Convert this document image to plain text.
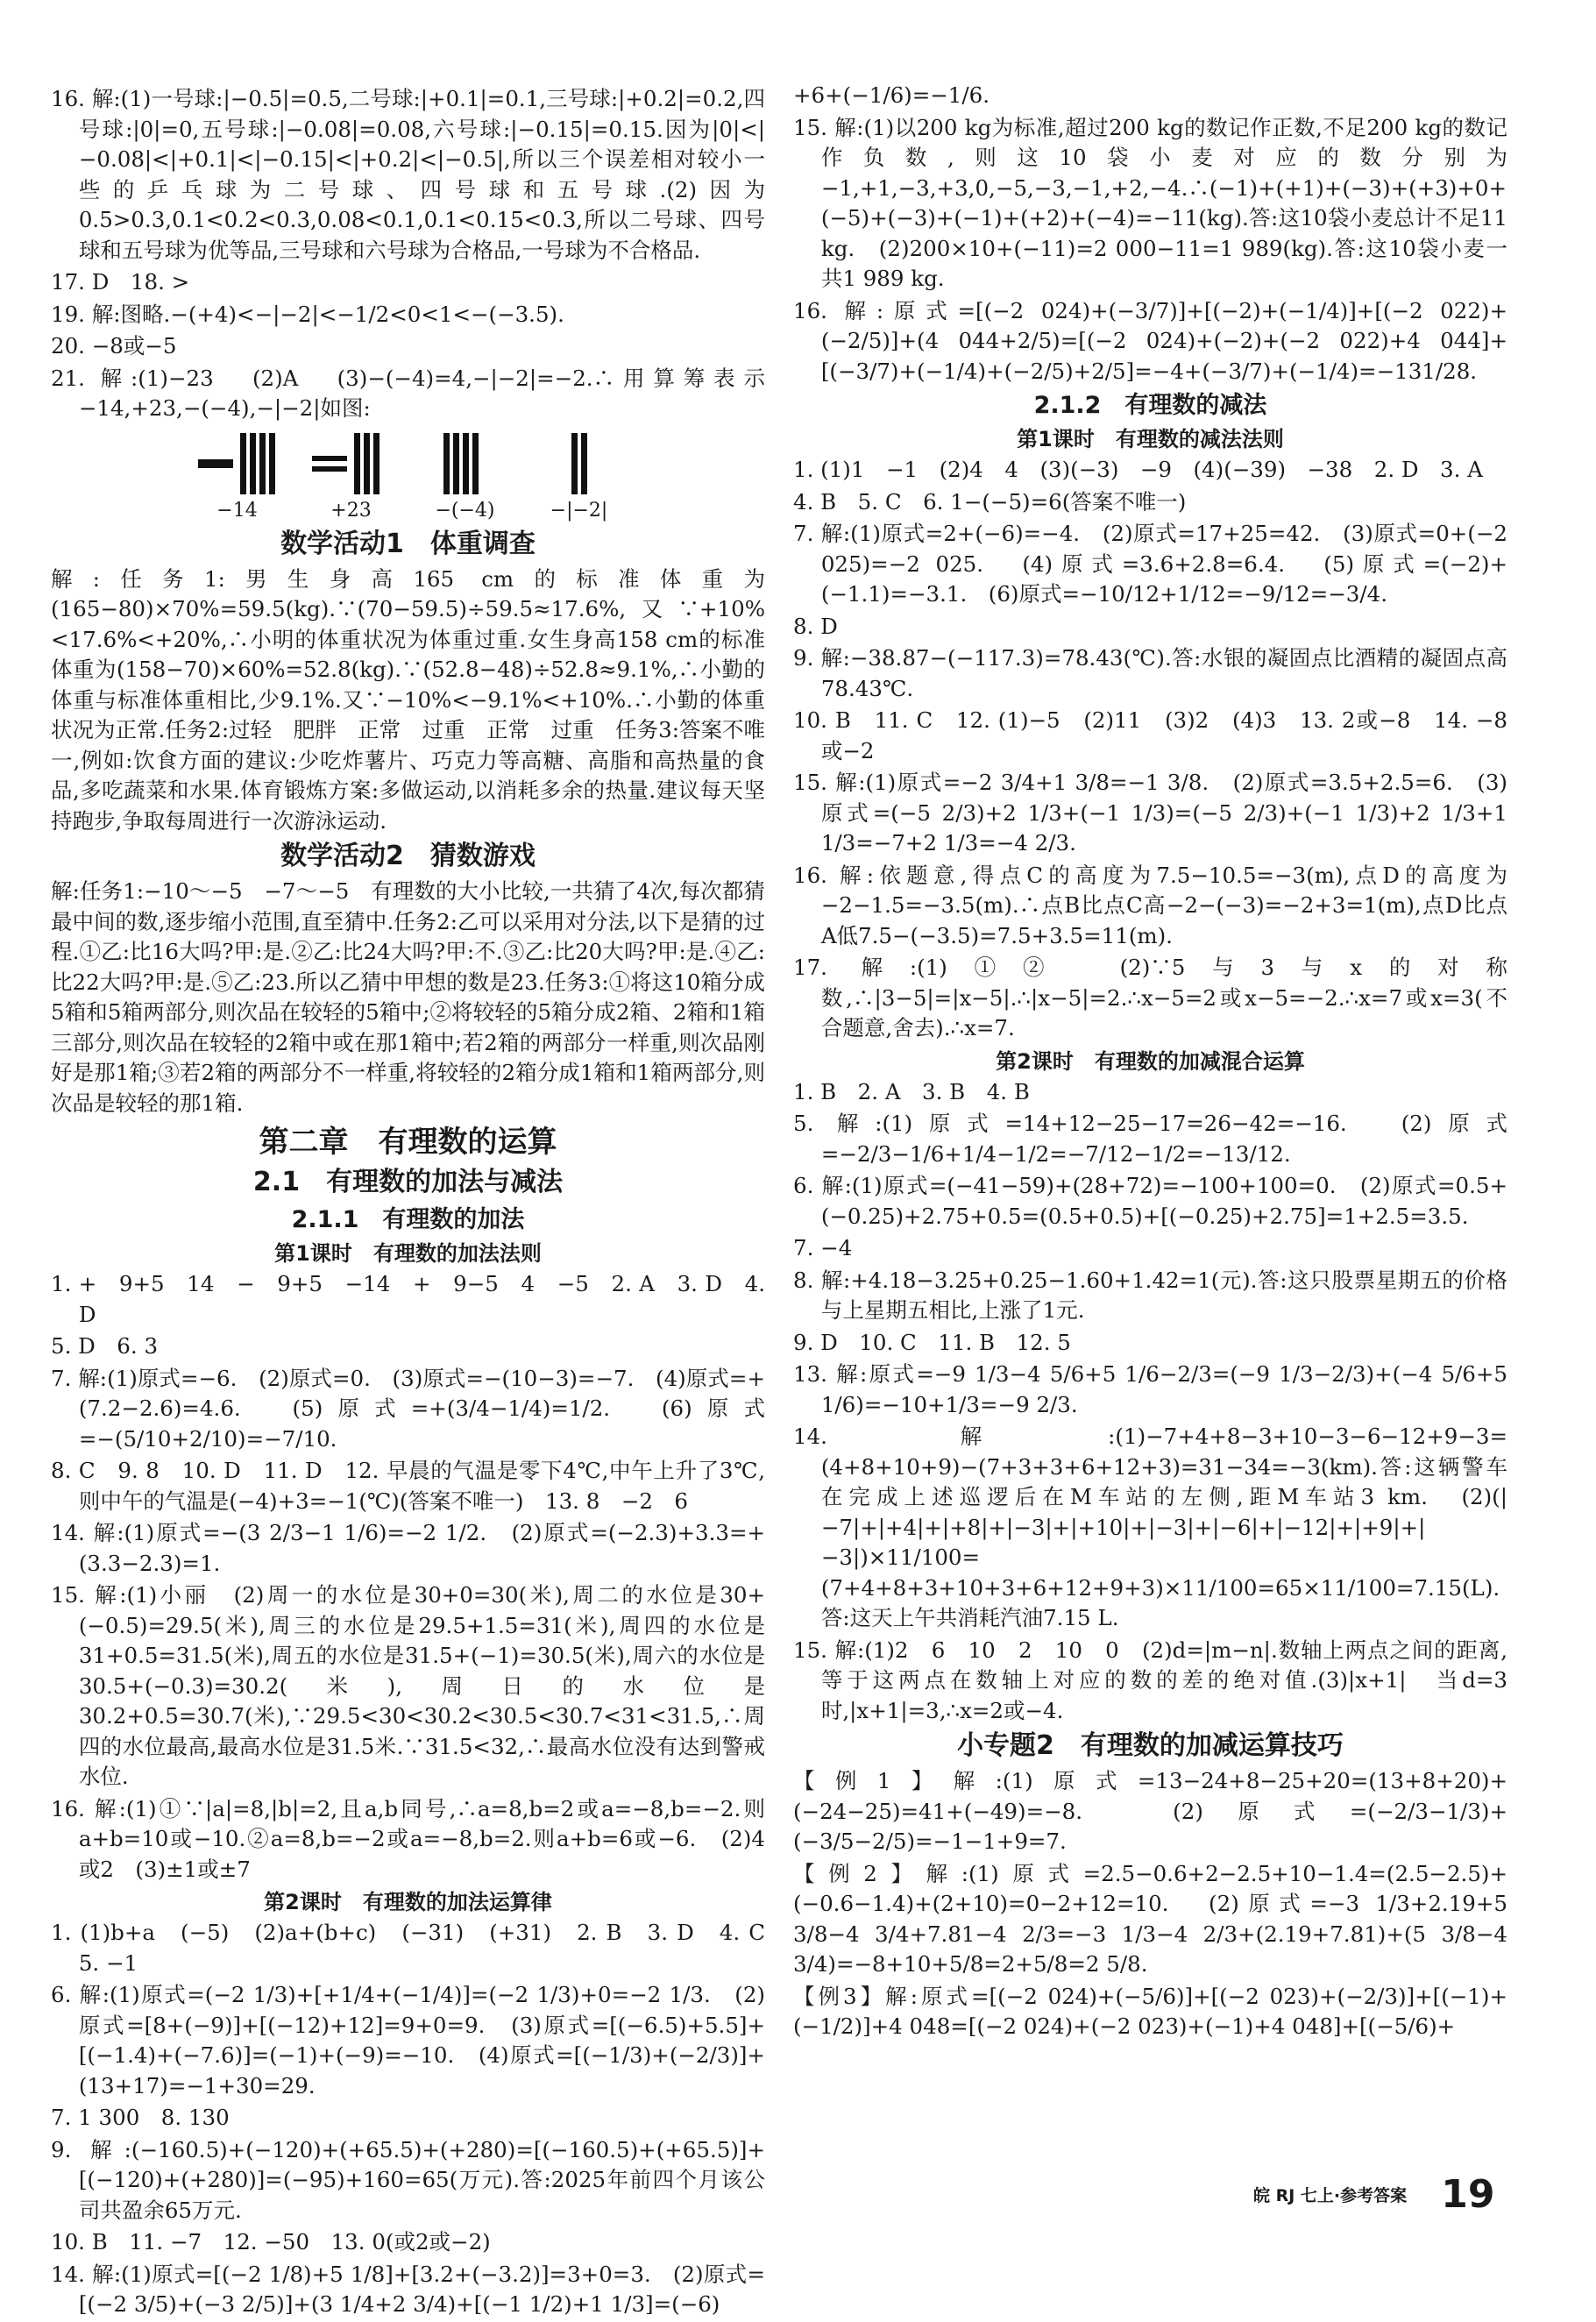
16. 解:(1)一号球:|−0.5|=0.5,二号球:|+0.1|=0.1,三号球:|+0.2|=0.2,四号球:|0|=0,五号球:|−0.08|=0.08,六号球:|−0.15|=0.15.因为|0|<|−0.08|<|+0.1|<|−0.15|<|+0.2|<|−0.5|,所以三个误差相对较小一些的乒乓球为二号球、四号球和五号球.(2)因为0.5>0.3,0.1<0.2<0.3,0.08<0.1,0.1<0.15<0.3,所以二号球、四号球和五号球为优等品,三号球和六号球为合格品,一号球为不合格品.
17. D　18. >
19. 解:图略.−(+4)<−|−2|<−1/2<0<1<−(−3.5).
20. −8或−5
21. 解:(1)−23　(2)A　(3)−(−4)=4,−|−2|=−2.∴用算筹表示−14,+23,−(−4),−|−2|如图:
−14	+23	−(−4)	−|−2|
数学活动1　体重调查
解:任务1:男生身高165 cm的标准体重为(165−80)×70%=59.5(kg).∵(70−59.5)÷59.5≈17.6%,又∵+10%<17.6%<+20%,∴小明的体重状况为体重过重.女生身高158 cm的标准体重为(158−70)×60%=52.8(kg).∵(52.8−48)÷52.8≈9.1%,∴小勤的体重与标准体重相比,少9.1%.又∵−10%<−9.1%<+10%.∴小勤的体重状况为正常.任务2:过轻　肥胖　正常　过重　正常　过重　任务3:答案不唯一,例如:饮食方面的建议:少吃炸薯片、巧克力等高糖、高脂和高热量的食品,多吃蔬菜和水果.体育锻炼方案:多做运动,以消耗多余的热量.建议每天坚持跑步,争取每周进行一次游泳运动.
数学活动2　猜数游戏
解:任务1:−10～−5　−7～−5　有理数的大小比较,一共猜了4次,每次都猜最中间的数,逐步缩小范围,直至猜中.任务2:乙可以采用对分法,以下是猜的过程.①乙:比16大吗?甲:是.②乙:比24大吗?甲:不.③乙:比20大吗?甲:是.④乙:比22大吗?甲:是.⑤乙:23.所以乙猜中甲想的数是23.任务3:①将这10箱分成5箱和5箱两部分,则次品在较轻的5箱中;②将较轻的5箱分成2箱、2箱和1箱三部分,则次品在较轻的2箱中或在那1箱中;若2箱的两部分一样重,则次品刚好是那1箱;③若2箱的两部分不一样重,将较轻的2箱分成1箱和1箱两部分,则次品是较轻的那1箱.
第二章　有理数的运算
2.1　有理数的加法与减法
2.1.1　有理数的加法
第1课时　有理数的加法法则
1. +　9+5　14　−　9+5　−14　+　9−5　4　−5　2. A　3. D　4. D
5. D　6. 3
7. 解:(1)原式=−6.　(2)原式=0.　(3)原式=−(10−3)=−7.　(4)原式=+(7.2−2.6)=4.6.　(5)原式=+(3/4−1/4)=1/2.　(6)原式=−(5/10+2/10)=−7/10.
8. C　9. 8　10. D　11. D　12. 早晨的气温是零下4℃,中午上升了3℃,则中午的气温是(−4)+3=−1(℃)(答案不唯一)　13. 8　−2　6
14. 解:(1)原式=−(3 2/3−1 1/6)=−2 1/2.　(2)原式=(−2.3)+3.3=+(3.3−2.3)=1.
15. 解:(1)小丽　(2)周一的水位是30+0=30(米),周二的水位是30+(−0.5)=29.5(米),周三的水位是29.5+1.5=31(米),周四的水位是31+0.5=31.5(米),周五的水位是31.5+(−1)=30.5(米),周六的水位是30.5+(−0.3)=30.2(米),周日的水位是30.2+0.5=30.7(米),∵29.5<30<30.2<30.5<30.7<31<31.5,∴周四的水位最高,最高水位是31.5米.∵31.5<32,∴最高水位没有达到警戒水位.
16. 解:(1)①∵|a|=8,|b|=2,且a,b同号,∴a=8,b=2或a=−8,b=−2.则a+b=10或−10.②a=8,b=−2或a=−8,b=2.则a+b=6或−6.　(2)4或2　(3)±1或±7
第2课时　有理数的加法运算律
1. (1)b+a　(−5)　(2)a+(b+c)　(−31)　(+31)　2. B　3. D　4. C　5. −1
6. 解:(1)原式=(−2 1/3)+[+1/4+(−1/4)]=(−2 1/3)+0=−2 1/3.　(2)原式=[8+(−9)]+[(−12)+12]=9+0=9.　(3)原式=[(−6.5)+5.5]+[(−1.4)+(−7.6)]=(−1)+(−9)=−10.　(4)原式=[(−1/3)+(−2/3)]+(13+17)=−1+30=29.
7. 1 300　8. 130
9. 解:(−160.5)+(−120)+(+65.5)+(+280)=[(−160.5)+(+65.5)]+[(−120)+(+280)]=(−95)+160=65(万元).答:2025年前四个月该公司共盈余65万元.
10. B　11. −7　12. −50　13. 0(或2或−2)
14. 解:(1)原式=[(−2 1/8)+5 1/8]+[3.2+(−3.2)]=3+0=3.　(2)原式=[(−2 3/5)+(−3 2/5)]+(3 1/4+2 3/4)+[(−1 1/2)+1 1/3]=(−6)
+6+(−1/6)=−1/6.
15. 解:(1)以200 kg为标准,超过200 kg的数记作正数,不足200 kg的数记作负数,则这10袋小麦对应的数分别为−1,+1,−3,+3,0,−5,−3,−1,+2,−4.∴(−1)+(+1)+(−3)+(+3)+0+(−5)+(−3)+(−1)+(+2)+(−4)=−11(kg).答:这10袋小麦总计不足11 kg.　(2)200×10+(−11)=2 000−11=1 989(kg).答:这10袋小麦一共1 989 kg.
16. 解:原式=[(−2 024)+(−3/7)]+[(−2)+(−1/4)]+[(−2 022)+(−2/5)]+(4 044+2/5)=[(−2 024)+(−2)+(−2 022)+4 044]+[(−3/7)+(−1/4)+(−2/5)+2/5]=−4+(−3/7)+(−1/4)=−131/28.
2.1.2　有理数的减法
第1课时　有理数的减法法则
1. (1)1　−1　(2)4　4　(3)(−3)　−9　(4)(−39)　−38　2. D　3. A
4. B　5. C　6. 1−(−5)=6(答案不唯一)
7. 解:(1)原式=2+(−6)=−4.　(2)原式=17+25=42.　(3)原式=0+(−2 025)=−2 025.　(4)原式=3.6+2.8=6.4.　(5)原式=(−2)+(−1.1)=−3.1.　(6)原式=−10/12+1/12=−9/12=−3/4.
8. D
9. 解:−38.87−(−117.3)=78.43(℃).答:水银的凝固点比酒精的凝固点高78.43℃.
10. B　11. C　12. (1)−5　(2)11　(3)2　(4)3　13. 2或−8　14. −8或−2
15. 解:(1)原式=−2 3/4+1 3/8=−1 3/8.　(2)原式=3.5+2.5=6.　(3)原式=(−5 2/3)+2 1/3+(−1 1/3)=(−5 2/3)+(−1 1/3)+2 1/3+1 1/3=−7+2 1/3=−4 2/3.
16. 解:依题意,得点C的高度为7.5−10.5=−3(m),点D的高度为−2−1.5=−3.5(m).∴点B比点C高−2−(−3)=−2+3=1(m),点D比点A低7.5−(−3.5)=7.5+3.5=11(m).
17. 解:(1)①②　(2)∵5与3与x的对称数,∴|3−5|=|x−5|.∴|x−5|=2.∴x−5=2或x−5=−2.∴x=7或x=3(不合题意,舍去).∴x=7.
第2课时　有理数的加减混合运算
1. B　2. A　3. B　4. B
5. 解:(1)原式=14+12−25−17=26−42=−16.　(2)原式=−2/3−1/6+1/4−1/2=−7/12−1/2=−13/12.
6. 解:(1)原式=(−41−59)+(28+72)=−100+100=0.　(2)原式=0.5+(−0.25)+2.75+0.5=(0.5+0.5)+[(−0.25)+2.75]=1+2.5=3.5.
7. −4
8. 解:+4.18−3.25+0.25−1.60+1.42=1(元).答:这只股票星期五的价格与上星期五相比,上涨了1元.
9. D　10. C　11. B　12. 5
13. 解:原式=−9 1/3−4 5/6+5 1/6−2/3=(−9 1/3−2/3)+(−4 5/6+5 1/6)=−10+1/3=−9 2/3.
14. 解:(1)−7+4+8−3+10−3−6−12+9−3=(4+8+10+9)−(7+3+3+6+12+3)=31−34=−3(km).答:这辆警车在完成上述巡逻后在M车站的左侧,距M车站3 km.　(2)(|−7|+|+4|+|+8|+|−3|+|+10|+|−3|+|−6|+|−12|+|+9|+|−3|)×11/100=(7+4+8+3+10+3+6+12+9+3)×11/100=65×11/100=7.15(L).答:这天上午共消耗汽油7.15 L.
15. 解:(1)2　6　10　2　10　0　(2)d=|m−n|.数轴上两点之间的距离,等于这两点在数轴上对应的数的差的绝对值.(3)|x+1|　当d=3时,|x+1|=3,∴x=2或−4.
小专题2　有理数的加减运算技巧
【例1】解:(1)原式=13−24+8−25+20=(13+8+20)+(−24−25)=41+(−49)=−8.　(2)原式=(−2/3−1/3)+(−3/5−2/5)=−1−1+9=7.
【例2】解:(1)原式=2.5−0.6+2−2.5+10−1.4=(2.5−2.5)+(−0.6−1.4)+(2+10)=0−2+12=10.　(2)原式=−3 1/3+2.19+5 3/8−4 3/4+7.81−4 2/3=−3 1/3−4 2/3+(2.19+7.81)+(5 3/8−4 3/4)=−8+10+5/8=2+5/8=2 5/8.
【例3】解:原式=[(−2 024)+(−5/6)]+[(−2 023)+(−2/3)]+[(−1)+(−1/2)]+4 048=[(−2 024)+(−2 023)+(−1)+4 048]+[(−5/6)+
皖 RJ 七上·参考答案 19
